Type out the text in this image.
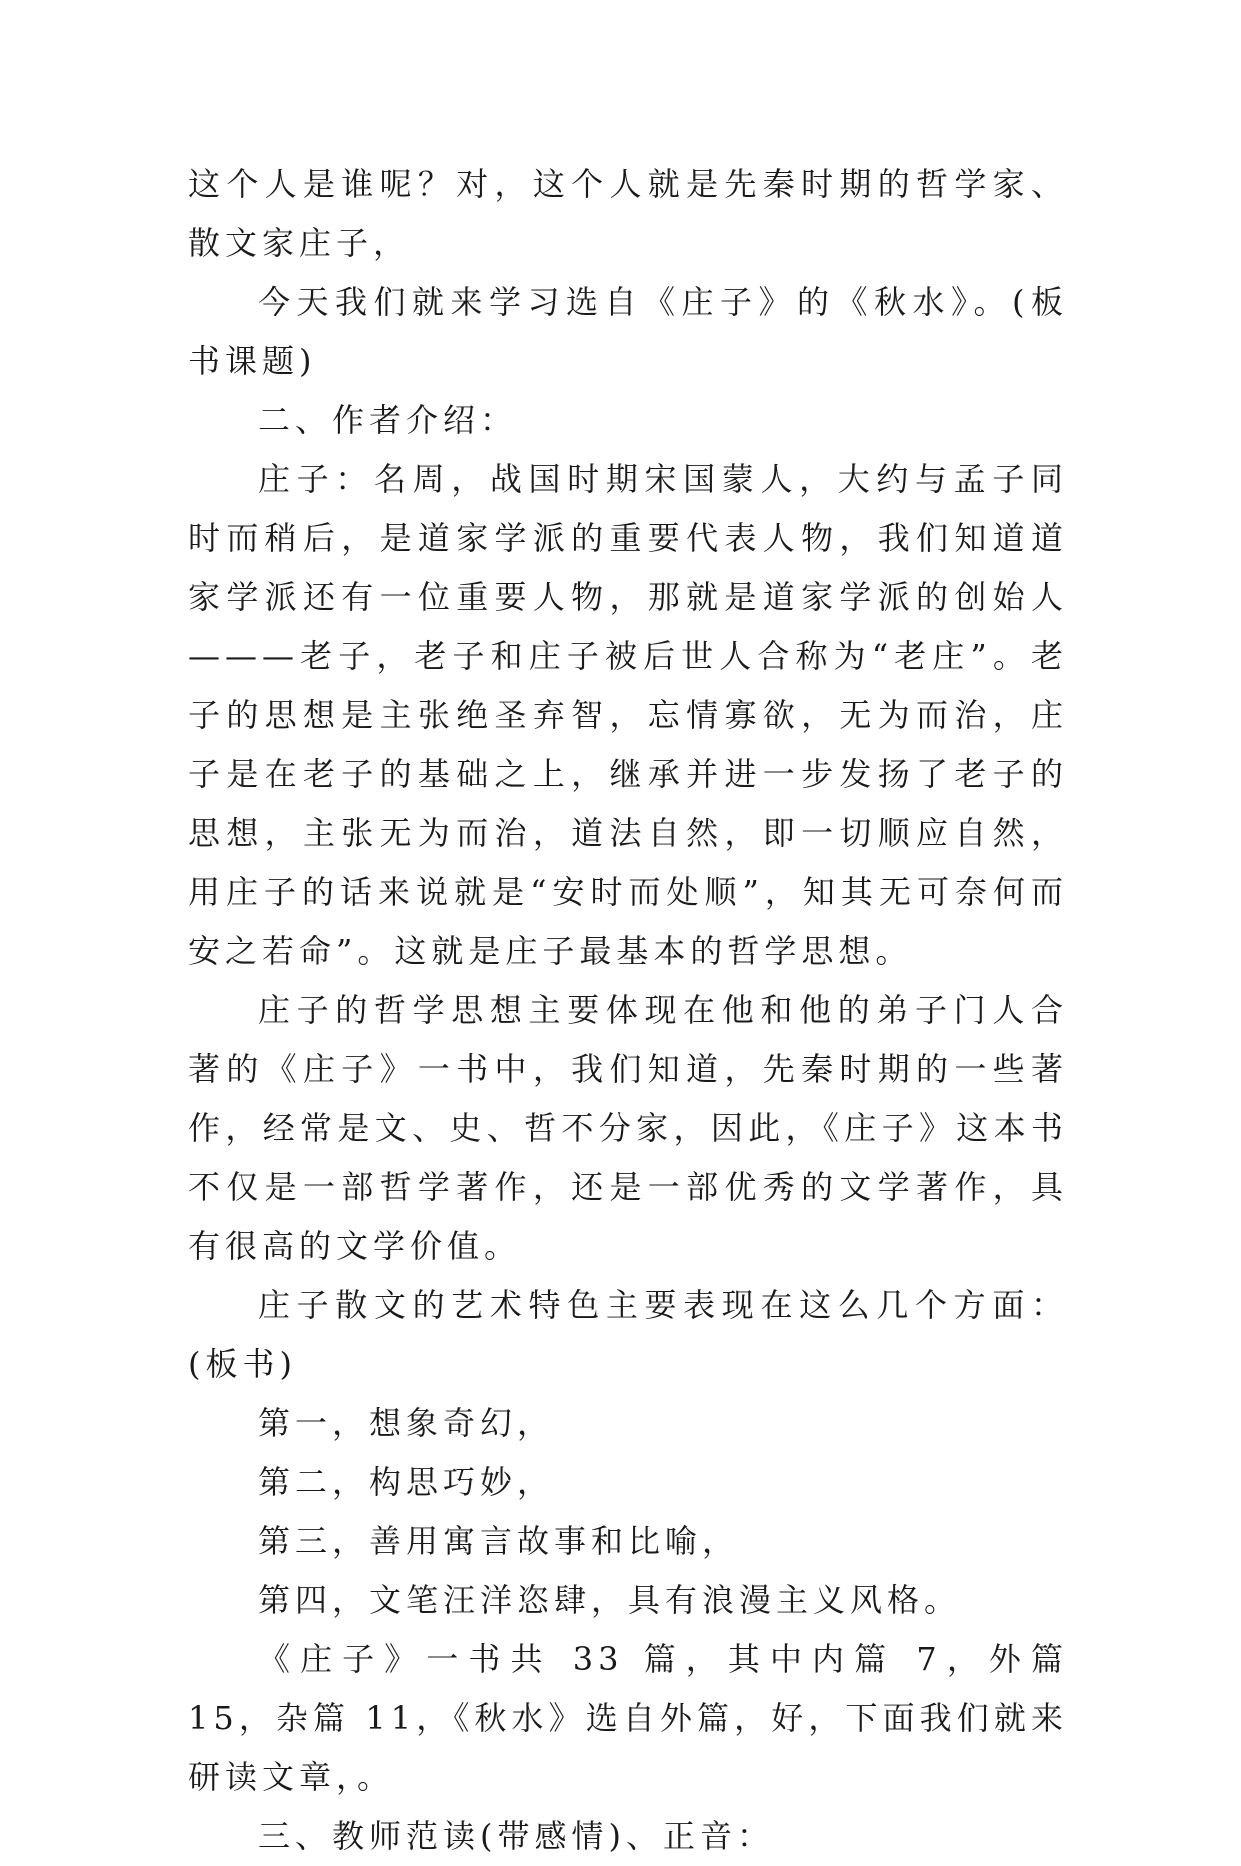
这个人是谁呢？对，这个人就是先秦时期的哲学家、散文家庄子，

今天我们就来学习选自《庄子》的《秋水》。(板书课题)

二、作者介绍：

庄子：名周，战国时期宋国蒙人，大约与孟子同时而稍后，是道家学派的重要代表人物，我们知道道家学派还有一位重要人物，那就是道家学派的创始人———老子，老子和庄子被后世人合称为“老庄”。老子的思想是主张绝圣弃智，忘情寡欲，无为而治，庄子是在老子的基础之上，继承并进一步发扬了老子的思想，主张无为而治，道法自然，即一切顺应自然，用庄子的话来说就是“安时而处顺”，知其无可奈何而安之若命”。这就是庄子最基本的哲学思想。

庄子的哲学思想主要体现在他和他的弟子门人合著的《庄子》一书中，我们知道，先秦时期的一些著作，经常是文、史、哲不分家，因此，《庄子》这本书不仅是一部哲学著作，还是一部优秀的文学著作，具有很高的文学价值。

庄子散文的艺术特色主要表现在这么几个方面：(板书)

第一，想象奇幻，

第二，构思巧妙，

第三，善用寓言故事和比喻，

第四，文笔汪洋恣肆，具有浪漫主义风格。

《庄子》一书共 33 篇，其中内篇 7，外篇 15，杂篇 11，《秋水》选自外篇，好，下面我们就来研读文章，。

三、教师范读(带感情)、正音：
